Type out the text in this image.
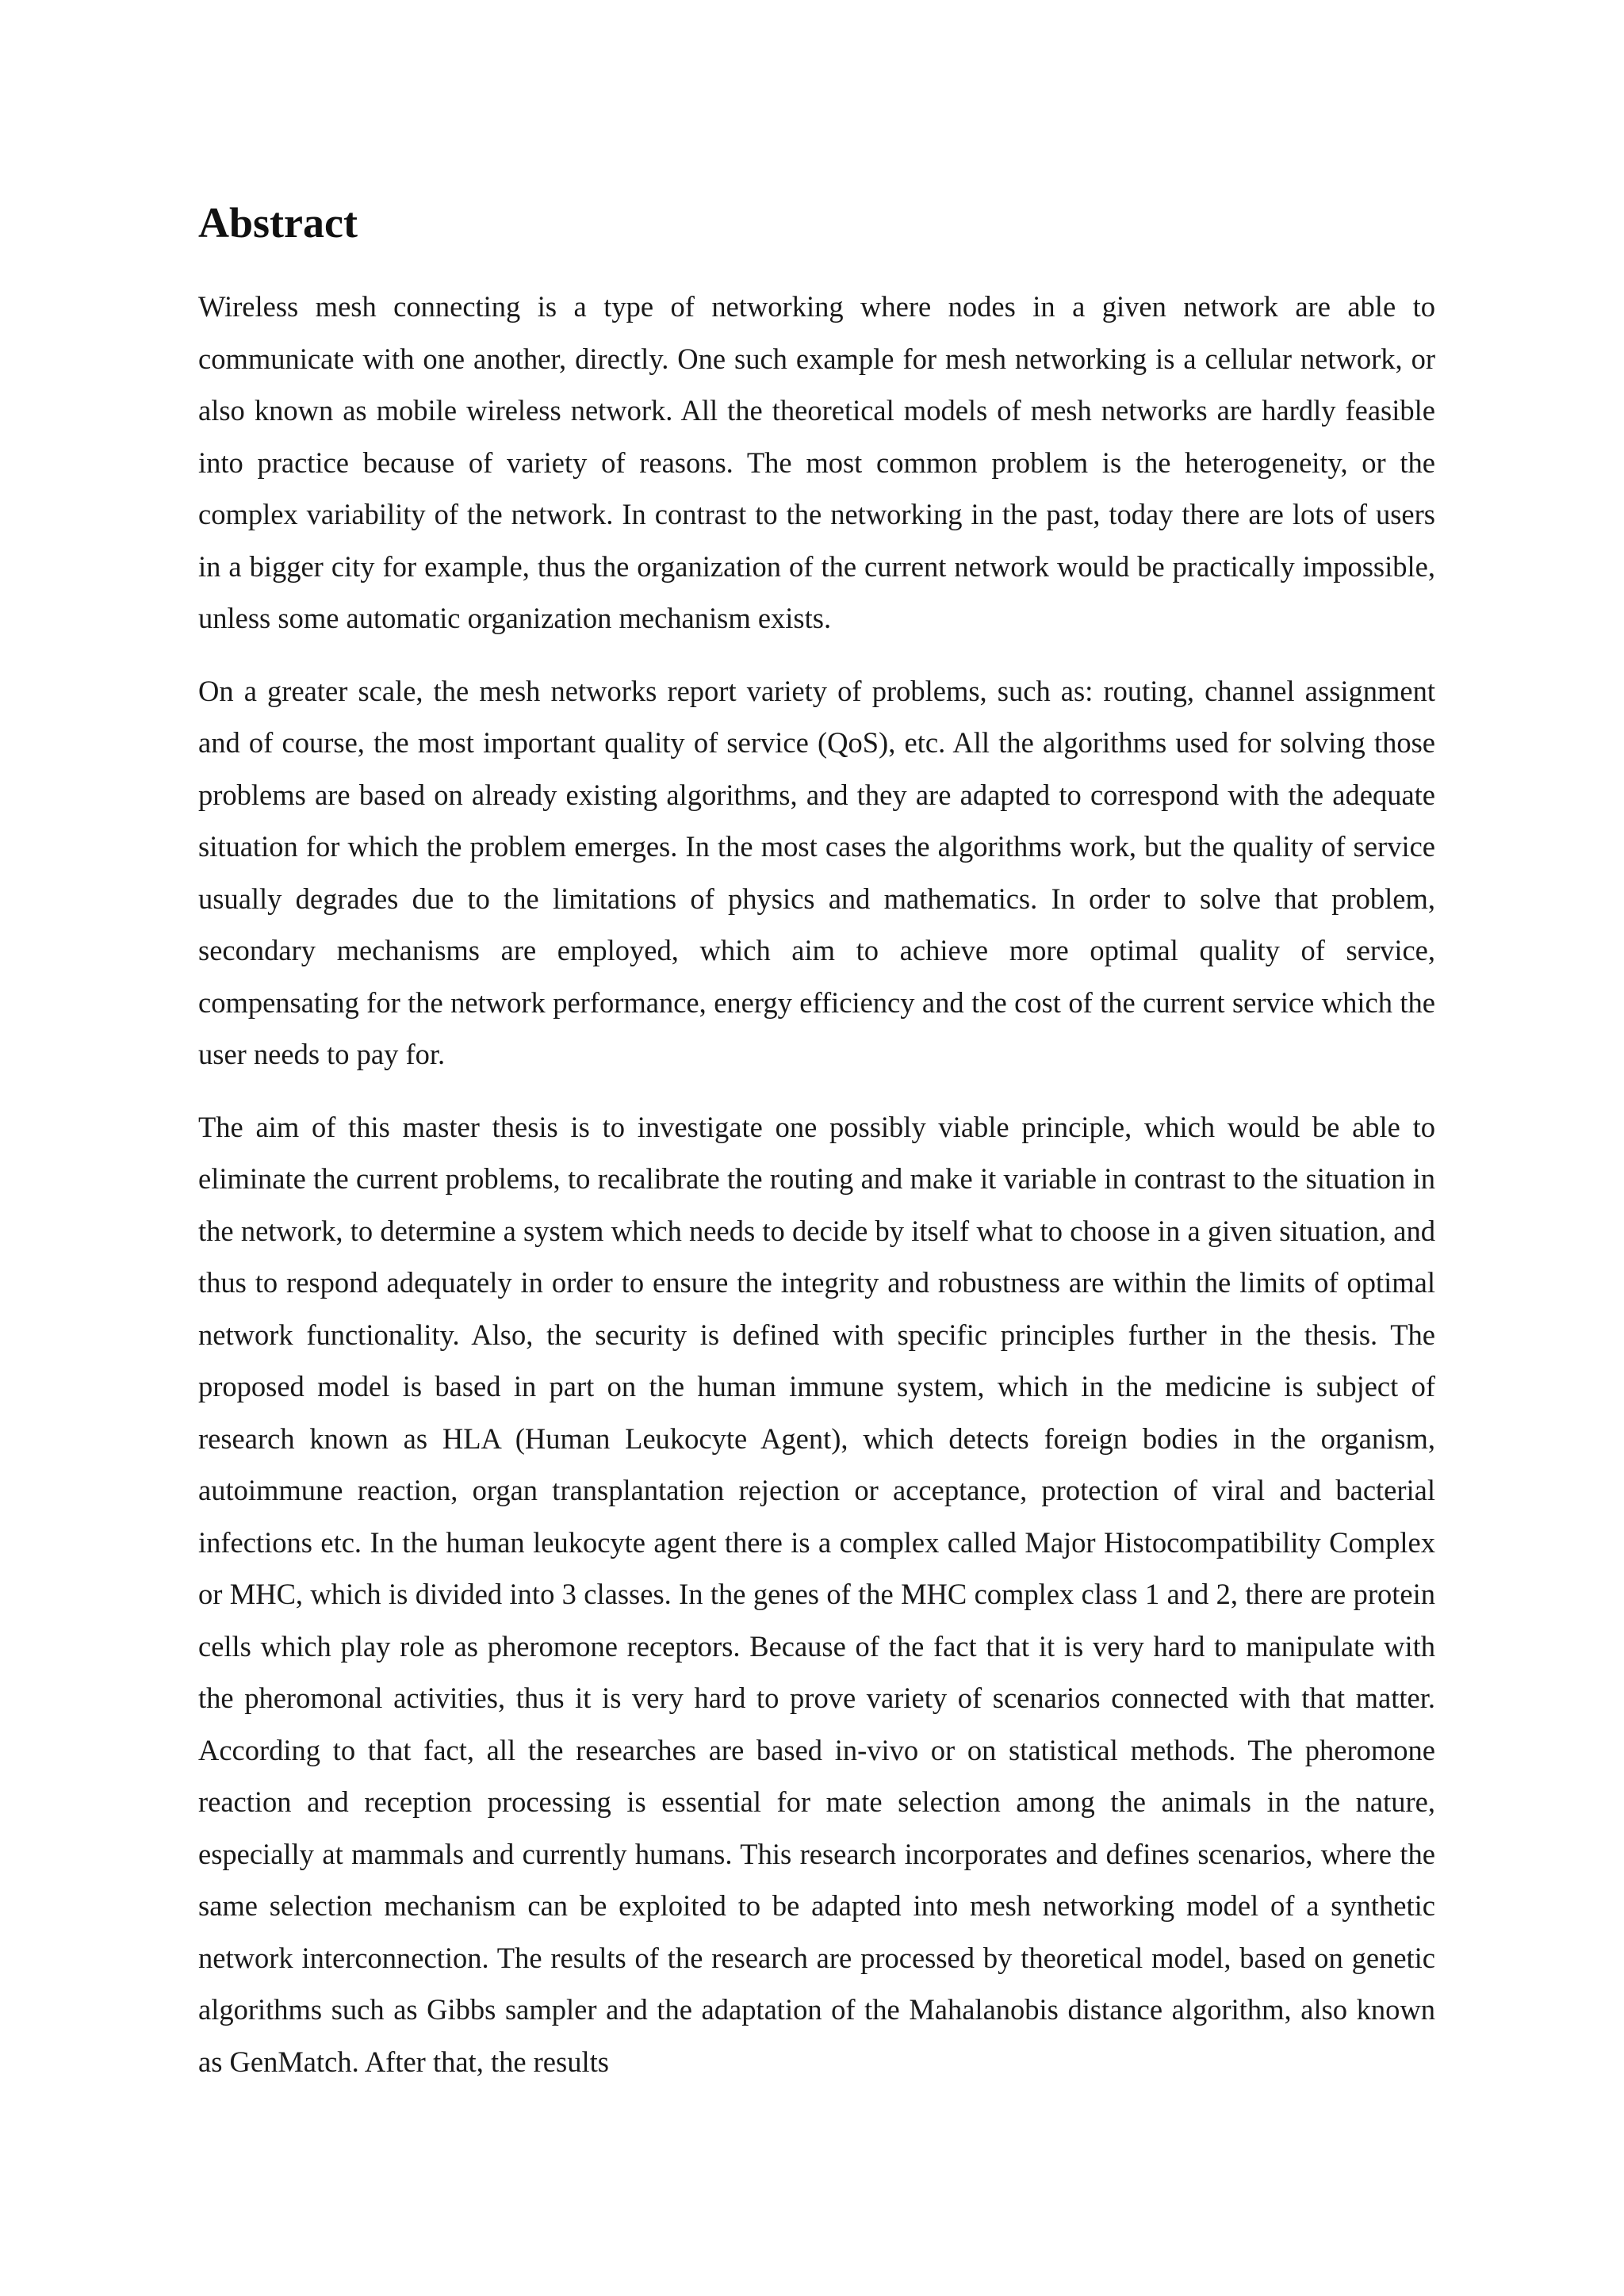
Abstract

Wireless mesh connecting is a type of networking where nodes in a given network are able to communicate with one another, directly. One such example for mesh networking is a cellular network, or also known as mobile wireless network. All the theoretical models of mesh networks are hardly feasible into practice because of variety of reasons. The most common problem is the heterogeneity, or the complex variability of the network. In contrast to the networking in the past, today there are lots of users in a bigger city for example, thus the organization of the current network would be practically impossible, unless some automatic organization mechanism exists.

On a greater scale, the mesh networks report variety of problems, such as: routing, channel assignment and of course, the most important quality of service (QoS), etc. All the algorithms used for solving those problems are based on already existing algorithms, and they are adapted to correspond with the adequate situation for which the problem emerges. In the most cases the algorithms work, but the quality of service usually degrades due to the limitations of physics and mathematics. In order to solve that problem, secondary mechanisms are employed, which aim to achieve more optimal quality of service, compensating for the network performance, energy efficiency and the cost of the current service which the user needs to pay for.

The aim of this master thesis is to investigate one possibly viable principle, which would be able to eliminate the current problems, to recalibrate the routing and make it variable in contrast to the situation in the network, to determine a system which needs to decide by itself what to choose in a given situation, and thus to respond adequately in order to ensure the integrity and robustness are within the limits of optimal network functionality. Also, the security is defined with specific principles further in the thesis. The proposed model is based in part on the human immune system, which in the medicine is subject of research known as HLA (Human Leukocyte Agent), which detects foreign bodies in the organism, autoimmune reaction, organ transplantation rejection or acceptance, protection of viral and bacterial infections etc. In the human leukocyte agent there is a complex called Major Histocompatibility Complex or MHC, which is divided into 3 classes. In the genes of the MHC complex class 1 and 2, there are protein cells which play role as pheromone receptors. Because of the fact that it is very hard to manipulate with the pheromonal activities, thus it is very hard to prove variety of scenarios connected with that matter. According to that fact, all the researches are based in-vivo or on statistical methods. The pheromone reaction and reception processing is essential for mate selection among the animals in the nature, especially at mammals and currently humans. This research incorporates and defines scenarios, where the same selection mechanism can be exploited to be adapted into mesh networking model of a synthetic network interconnection. The results of the research are processed by theoretical model, based on genetic algorithms such as Gibbs sampler and the adaptation of the Mahalanobis distance algorithm, also known as GenMatch. After that, the results
